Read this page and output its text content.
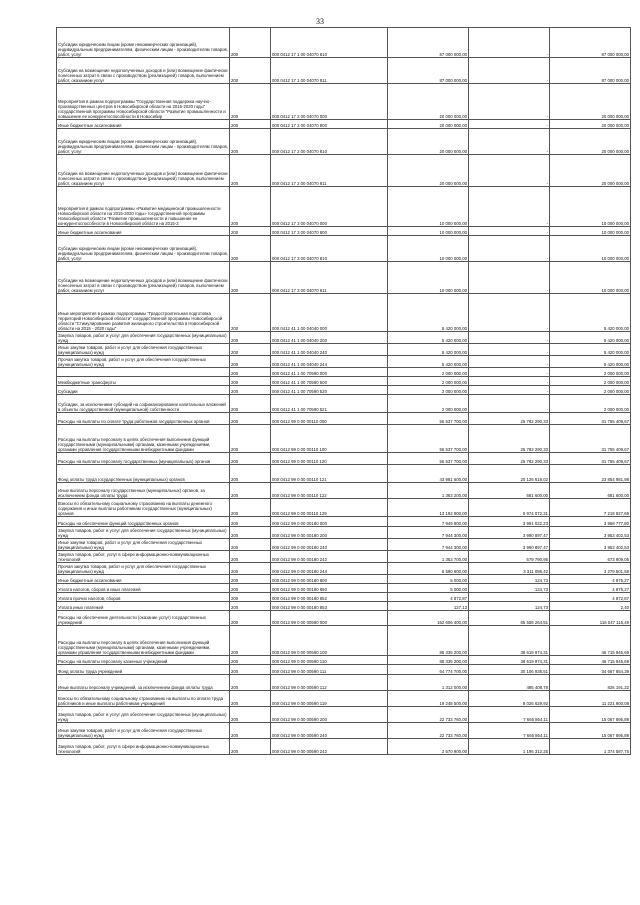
33
Субсидии юридическим лицам (кроме некоммерческих организаций), индивидуальным предпринимателям, физическим лицам - производителям товаров, работ, услуг	200	000 0412 17 1 00 04070 810	87 000 000,00	-	87 000 000,00
Субсидии на возмещение недополученных доходов и (или) возмещение фактически понесенных затрат в связи с производством (реализацией) товаров, выполнением работ, оказанием услуг	200	000 0412 17 1 00 04070 811	87 000 000,00	-	87 000 000,00
Мероприятия в рамках подпрограммы "Государственная поддержка научно-производственных центров в Новосибирской области на 2015-2020 годы" государственной программы Новосибирской области "Развитие промышленности и повышение ее конкурентоспособности в Новосибир	200	000 0412 17 2 00 04070 000	20 000 000,00	-	20 000 000,00
Иные бюджетные ассигнования	200	000 0412 17 2 00 04070 800	20 000 000,00	-	20 000 000,00
Субсидии юридическим лицам (кроме некоммерческих организаций), индивидуальным предпринимателям, физическим лицам - производителям товаров, работ, услуг	200	000 0412 17 2 00 04070 810	20 000 000,00	-	20 000 000,00
Субсидии на возмещение недополученных доходов и (или) возмещение фактически понесенных затрат в связи с производством (реализацией) товаров, выполнением работ, оказанием услуг	200	000 0412 17 2 00 04070 811	20 000 000,00	-	20 000 000,00
Мероприятия в рамках подпрограммы «Развитие медицинской промышленности Новосибирской области на 2015-2020 годы» государственной программы Новосибирской области "Развитие промышленности и повышение ее конкурентоспособности в Новосибирской области на 2015-2	200	000 0412 17 3 00 04070 000	10 000 000,00	-	10 000 000,00
Иные бюджетные ассигнования	200	000 0412 17 3 00 04070 800	10 000 000,00	-	10 000 000,00
Субсидии юридическим лицам (кроме некоммерческих организаций), индивидуальным предпринимателям, физическим лицам - производителям товаров, работ, услуг	200	000 0412 17 3 00 04070 810	10 000 000,00	-	10 000 000,00
Субсидии на возмещение недополученных доходов и (или) возмещение фактически понесенных затрат в связи с производством (реализацией) товаров, выполнением работ, оказанием услуг	200	000 0412 17 3 00 04070 811	10 000 000,00	-	10 000 000,00
Иные мероприятия в рамках подпрограммы "Градостроительная подготовка территорий Новосибирской области" государственной программы Новосибирской области "Стимулирование развития жилищного строительства в Новосибирской области на 2015 - 2020 годы"	200	000 0412 41 1 00 04040 000	5 420 000,00	-	5 420 000,00
Закупка товаров, работ и услуг для обеспечения государственных (муниципальных) нужд	200	000 0412 41 1 00 04040 200	5 420 000,00	-	5 420 000,00
Иные закупки товаров, работ и услуг для обеспечения государственных (муниципальных) нужд	200	000 0412 41 1 00 04040 240	5 420 000,00	-	5 420 000,00
Прочая закупка товаров, работ и услуг для обеспечения государственных (муниципальных) нужд	200	000 0412 41 1 00 04040 244	5 420 000,00	-	5 420 000,00
	200	000 0412 41 1 00 70590 000	2 000 000,00	-	2 000 000,00
Межбюджетные трансферты	200	000 0412 41 1 00 70590 500	2 000 000,00	-	2 000 000,00
Субсидии	200	000 0412 41 1 00 70590 520	2 000 000,00	-	2 000 000,00
Субсидии, за исключением субсидий на софинансирование капитальных вложений в объекты государственной (муниципальной) собственности	200	000 0412 41 1 00 70590 521	2 000 000,00	-	2 000 000,00
Расходы на выплаты по оплате труда работников государственных органов	200	000 0412 99 0 00 00110 000	56 537 700,00	25 782 290,33	31 755 409,67
Расходы на выплаты персоналу в целях обеспечения выполнения функций государственными (муниципальными) органами, казенными учреждениями, органами управления государственными внебюджетными фондами	200	000 0412 99 0 00 00110 100	56 537 700,00	25 782 290,33	31 755 409,67
Расходы на выплаты персоналу государственных (муниципальных) органов	200	000 0412 99 0 00 00110 120	56 537 700,00	25 782 290,33	31 755 409,67
Фонд оплаты труда государственных (муниципальных) органов	200	000 0412 99 0 00 00110 121	43 981 600,00	20 126 618,02	23 854 981,98
Иные выплаты персоналу государственных (муниципальных) органов, за исключением фонда оплаты труда	200	000 0412 99 0 00 00110 122	1 363 200,00	681 600,00	681 600,00
Взносы по обязательному социальному страхованию на выплаты денежного содержания и иные выплаты работникам государственных (муниципальных) органов	200	000 0412 99 0 00 00110 129	13 192 900,00	5 974 072,31	7 218 827,69
Расходы на обеспечение функций государственных органов	200	000 0412 99 0 00 00180 000	7 949 800,00	3 991 022,23	3 958 777,80
Закупка товаров, работ и услуг для обеспечения государственных (муниципальных) нужд	200	000 0412 99 0 00 00180 200	7 944 300,00	3 990 897,47	3 953 402,53
Иные закупки товаров, работ и услуг для обеспечения государственных (муниципальных) нужд	200	000 0412 99 0 00 00180 240	7 944 300,00	3 990 897,47	3 953 402,53
Закупка товаров, работ, услуг в сфере информационно-коммуникационных технологий	200	000 0412 99 0 00 00180 242	1 353 700,00	679 790,95	673 909,05
Прочая закупка товаров, работ и услуг для обеспечения государственных (муниципальных) нужд	200	000 0412 99 0 00 00180 244	6 590 600,00	3 311 086,42	3 279 501,58
Иные бюджетные ассигнования	200	000 0412 99 0 00 00180 800	5 000,00	124,73	4 875,27
Уплата налогов, сборов и иных платежей	200	000 0412 99 0 00 00180 850	5 000,00	124,73	4 875,27
Уплата прочих налогов, сборов	200	000 0412 99 0 00 00180 852	4 872,87	-	4 872,87
Уплата иных платежей	200	000 0412 99 0 00 00180 853	127,13	124,73	2,40
Расходы на обеспечение деятельности (оказание услуг) государственных учреждений	200	000 0412 99 0 00 00590 000	162 606 400,00	65 558 264,51	116 047 115,49
Расходы на выплаты персоналу в целях обеспечения выполнения функций государственными (муниципальными) органами, казенными учреждениями, органами управления государственными внебюджетными фондами	200	000 0412 99 0 00 00590 100	85 335 200,00	38 619 974,31	46 715 945,69
Расходы на выплаты персоналу казенных учреждений	200	000 0412 99 0 00 00590 110	85 335 200,00	38 619 974,31	46 715 945,69
Фонд оплаты труда учреждений	200	000 0412 99 0 00 00590 111	64 774 700,00	30 106 935,51	34 667 854,39
Иные выплаты персоналу учреждений, за исключением фонда оплаты труда	200	000 0412 99 0 00 00590 112	1 312 000,00	485 408,78	826 191,22
Взносы по обязательному социальному страхованию на выплаты по оплате труда работников и иные выплаты работникам учреждений	200	000 0412 99 0 00 00590 119	19 248 500,00	8 026 629,92	11 221 900,08
Закупка товаров, работ и услуг для обеспечения государственных (муниципальных) нужд	200	000 0412 99 0 00 00590 200	22 733 760,00	7 665 864,11	15 067 895,89
Иные закупки товаров, работ и услуг для обеспечения государственных (муниципальных) нужд	200	000 0412 99 0 00 00590 240	22 733 760,00	7 665 864,11	15 067 895,89
Закупка товаров, работ, услуг в сфере информационно-коммуникационных технологий	200	000 0412 99 0 00 00590 242	2 570 900,00	1 196 312,25	1 374 587,75
